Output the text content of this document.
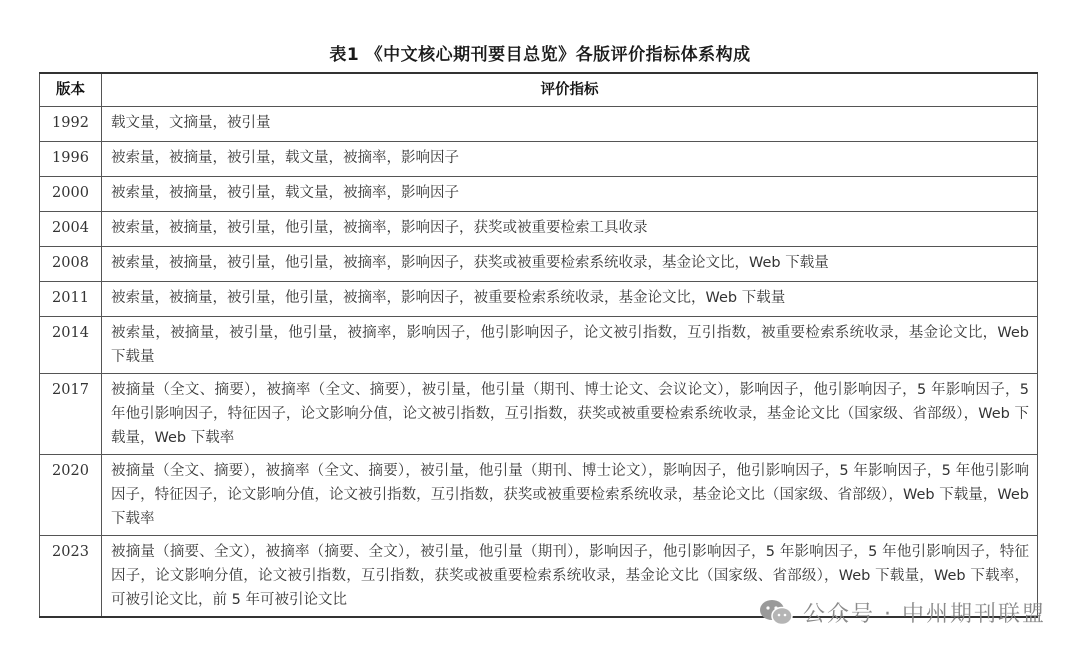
表1 《中文核心期刊要目总览》各版评价指标体系构成
版本	评价指标
1992	载文量，文摘量，被引量
1996	被索量，被摘量，被引量，载文量，被摘率，影响因子
2000	被索量，被摘量，被引量，载文量，被摘率，影响因子
2004	被索量，被摘量，被引量，他引量，被摘率，影响因子，获奖或被重要检索工具收录
2008	被索量，被摘量，被引量，他引量，被摘率，影响因子，获奖或被重要检索系统收录，基金论文比，Web 下载量
2011	被索量，被摘量，被引量，他引量，被摘率，影响因子，被重要检索系统收录，基金论文比，Web 下载量
2014	被索量，被摘量，被引量，他引量，被摘率，影响因子，他引影响因子，论文被引指数，互引指数，被重要检索系统收录，基金论文比，Web 下载量
2017	被摘量（全文、摘要），被摘率（全文、摘要），被引量，他引量（期刊、博士论文、会议论文），影响因子，他引影响因子，5 年影响因子，5 年他引影响因子，特征因子，论文影响分值，论文被引指数，互引指数，获奖或被重要检索系统收录，基金论文比（国家级、省部级），Web 下载量，Web 下载率
2020	被摘量（全文、摘要），被摘率（全文、摘要），被引量，他引量（期刊、博士论文），影响因子，他引影响因子，5 年影响因子，5 年他引影响因子，特征因子，论文影响分值，论文被引指数，互引指数，获奖或被重要检索系统收录，基金论文比（国家级、省部级），Web 下载量，Web 下载率
2023	被摘量（摘要、全文），被摘率（摘要、全文），被引量，他引量（期刊），影响因子，他引影响因子，5 年影响因子，5 年他引影响因子，特征因子，论文影响分值，论文被引指数，互引指数，获奖或被重要检索系统收录，基金论文比（国家级、省部级），Web 下载量，Web 下载率，可被引论文比，前 5 年可被引论文比
公众号 · 中州期刊联盟
